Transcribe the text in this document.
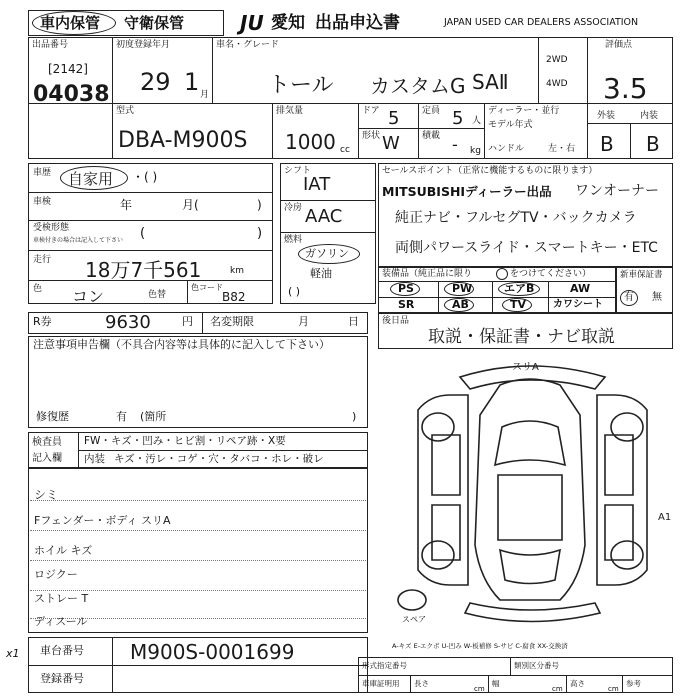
車内保管 守衛保管	JU 愛知 出品申込書	JAPAN USED CAR DEALERS ASSOCIATION
出品番号
[2142]
04038
初度登録年月
29 1 月
車名・グレード
トール カスタムG SAⅡ
2WD
4WD
評価点
3.5
外装	内装
B B
型式
DBA-M900S
排気量
1000 cc
ドア 5	定員 5 人
形状 W 積載 - kg
ディーラー・並行
モデル年式
ハンドル	左・右
車歴 自家用 ・( )
車検	年	月(	)
受検形態
車検付きの場合は記入して下さい (	)
走行 18万7千561	km
色 コン	色替
色コード
B82
シフト
IAT
冷房 AAC
燃料
ガソリン
軽油
( )
セールスポイント（正常に機能するものに限ります）
MITSUBISHIディーラー出品 ワンオーナー
純正ナビ・フルセグTV・バックカメラ
両側パワースライド・スマートキー・ETC
装備品（純正品に限り	をつけてください）
PS	PW	エアB	AW
SR	AB	TV	カワシート
新車保証書
有 無
R券	9630	円 名変期限	月	日	後日品
取説・保証書・ナビ取説
注意事項申告欄（不具合内容等は具体的に記入して下さい）
修復歴	有 (箇所	)
検査員
記入欄
FW・キズ・凹み・ヒビ割・リペア跡・X要
内装 キズ・汚レ・コゲ・穴・タバコ・ホレ・破レ
シミ
Fフェンダー・ボディ スリA
ホイル キズ
ロジクー
ストレー T
ディスール
スリA
A1
スペア
A-キズ E-エクボ U-凹み W-板補修 S-サビ C-腐食 XX-交換済
x1 車台番号 M900S-0001699
登録番号
形式指定番号	類別区分番号
車庫証明用 長さ	幅	高さ	参考
cm	cm	cm
